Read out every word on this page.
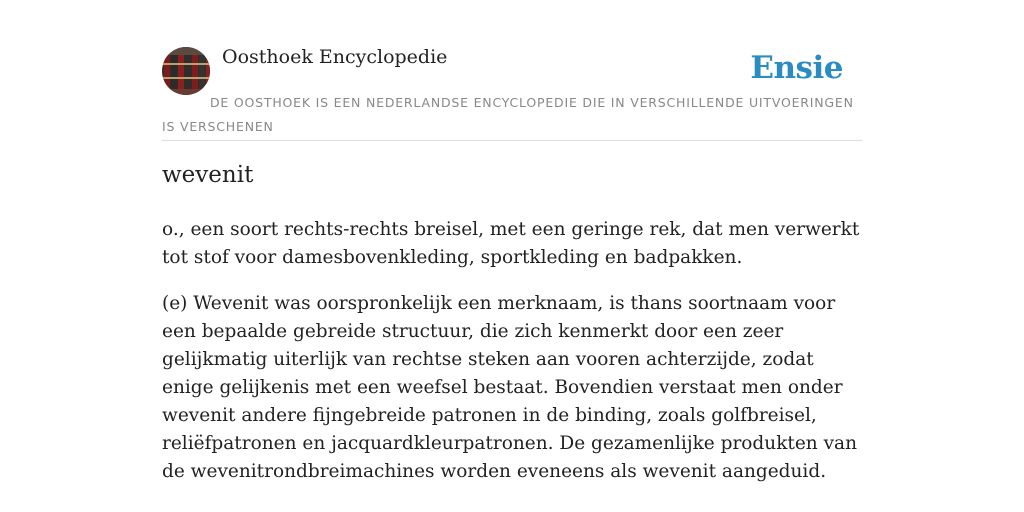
Oosthoek Encyclopedie	Ensie
DE OOSTHOEK IS EEN NEDERLANDSE ENCYCLOPEDIE DIE IN VERSCHILLENDE UITVOERINGEN IS VERSCHENEN
wevenit

o., een soort rechts-rechts breisel, met een geringe rek, dat men verwerkt tot stof voor damesbovenkleding, sportkleding en badpakken.

(e) Wevenit was oorspronkelijk een merknaam, is thans soortnaam voor een bepaalde gebreide structuur, die zich kenmerkt door een zeer gelijkmatig uiterlijk van rechtse steken aan vooren achterzijde, zodat enige gelijkenis met een weefsel bestaat. Bovendien verstaat men onder wevenit andere fijngebreide patronen in de binding, zoals golfbreisel, reliëfpatronen en jacquardkleurpatronen. De gezamenlijke produkten van de wevenitrondbreimachines worden eveneens als wevenit aangeduid.
